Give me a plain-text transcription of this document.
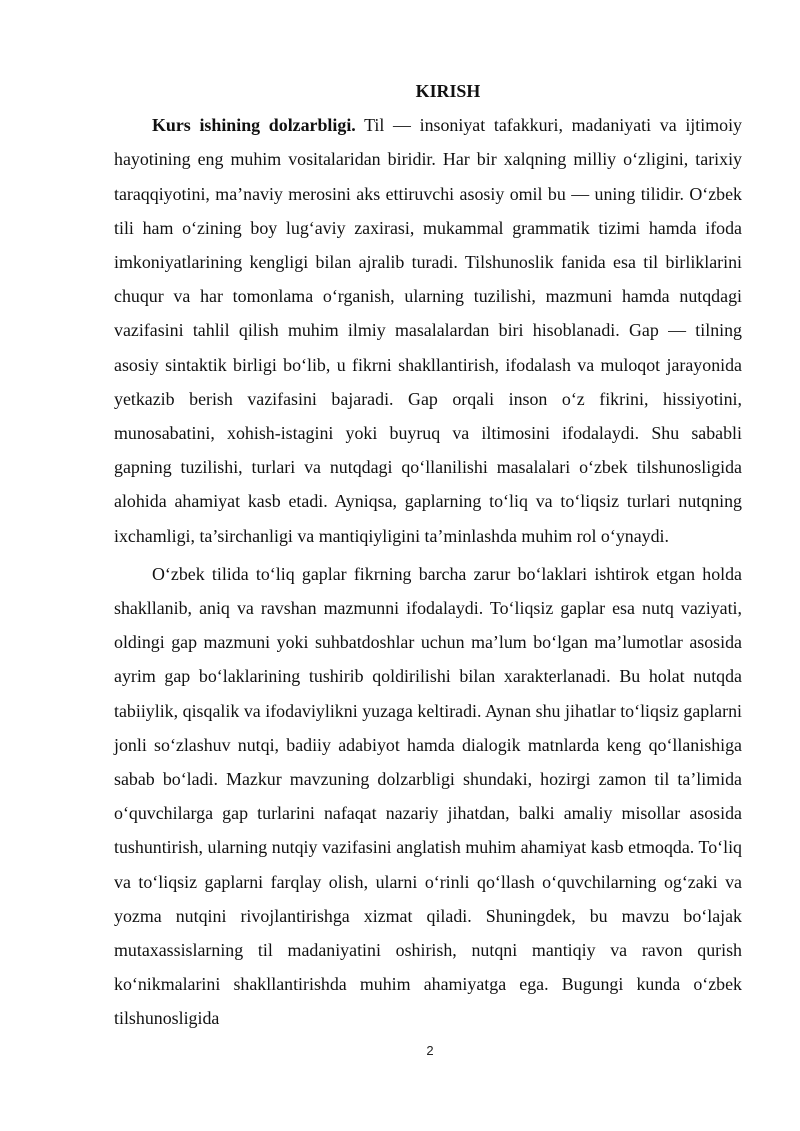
KIRISH

Kurs ishining dolzarbligi. Til — insoniyat tafakkuri, madaniyati va ijtimoiy hayotining eng muhim vositalaridan biridir. Har bir xalqning milliy o‘zligini, tarixiy taraqqiyotini, ma’naviy merosini aks ettiruvchi asosiy omil bu — uning tilidir. O‘zbek tili ham o‘zining boy lug‘aviy zaxirasi, mukammal grammatik tizimi hamda ifoda imkoniyatlarining kengligi bilan ajralib turadi. Tilshunoslik fanida esa til birliklarini chuqur va har tomonlama o‘rganish, ularning tuzilishi, mazmuni hamda nutqdagi vazifasini tahlil qilish muhim ilmiy masalalardan biri hisoblanadi. Gap — tilning asosiy sintaktik birligi bo‘lib, u fikrni shakllantirish, ifodalash va muloqot jarayonida yetkazib berish vazifasini bajaradi. Gap orqali inson o‘z fikrini, hissiyotini, munosabatini, xohish-istagini yoki buyruq va iltimosini ifodalaydi. Shu sababli gapning tuzilishi, turlari va nutqdagi qo‘llanilishi masalalari o‘zbek tilshunosligida alohida ahamiyat kasb etadi. Ayniqsa, gaplarning to‘liq va to‘liqsiz turlari nutqning ixchamligi, ta’sirchanligi va mantiqiyligini ta’minlashda muhim rol o‘ynaydi.

O‘zbek tilida to‘liq gaplar fikrning barcha zarur bo‘laklari ishtirok etgan holda shakllanib, aniq va ravshan mazmunni ifodalaydi. To‘liqsiz gaplar esa nutq vaziyati, oldingi gap mazmuni yoki suhbatdoshlar uchun ma’lum bo‘lgan ma’lumotlar asosida ayrim gap bo‘laklarining tushirib qoldirilishi bilan xarakterlanadi. Bu holat nutqda tabiiylik, qisqalik va ifodaviylikni yuzaga keltiradi. Aynan shu jihatlar to‘liqsiz gaplarni jonli so‘zlashuv nutqi, badiiy adabiyot hamda dialogik matnlarda keng qo‘llanishiga sabab bo‘ladi. Mazkur mavzuning dolzarbligi shundaki, hozirgi zamon til ta’limida o‘quvchilarga gap turlarini nafaqat nazariy jihatdan, balki amaliy misollar asosida tushuntirish, ularning nutqiy vazifasini anglatish muhim ahamiyat kasb etmoqda. To‘liq va to‘liqsiz gaplarni farqlay olish, ularni o‘rinli qo‘llash o‘quvchilarning og‘zaki va yozma nutqini rivojlantirishga xizmat qiladi. Shuningdek, bu mavzu bo‘lajak mutaxassislarning til madaniyatini oshirish, nutqni mantiqiy va ravon qurish ko‘nikmalarini shakllantirishda muhim ahamiyatga ega. Bugungi kunda o‘zbek tilshunosligida

2
